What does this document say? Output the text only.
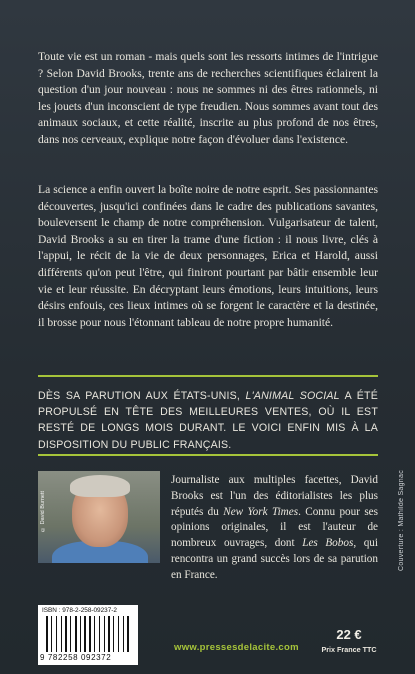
Toute vie est un roman - mais quels sont les ressorts intimes de l'intrigue ? Selon David Brooks, trente ans de recherches scientifiques éclairent la question d'un jour nouveau : nous ne sommes ni des êtres rationnels, ni les jouets d'un inconscient de type freudien. Nous sommes avant tout des animaux sociaux, et cette réalité, inscrite au plus profond de nos êtres, dans nos cerveaux, explique notre façon d'évoluer dans l'existence.

La science a enfin ouvert la boîte noire de notre esprit. Ses passionnantes découvertes, jusqu'ici confinées dans le cadre des publications savantes, bouleversent le champ de notre compréhension. Vulgarisateur de talent, David Brooks a su en tirer la trame d'une fiction : il nous livre, clés à l'appui, le récit de la vie de deux personnages, Erica et Harold, aussi différents qu'on peut l'être, qui finiront pourtant par bâtir ensemble leur vie et leur réussite. En décryptant leurs émotions, leurs intuitions, leurs désirs enfouis, ces lieux intimes où se forgent le caractère et la destinée, il brosse pour nous l'étonnant tableau de notre propre humanité.

DÈS SA PARUTION AUX ÉTATS-UNIS, L'ANIMAL SOCIAL A ÉTÉ PROPULSÉ EN TÊTE DES MEILLEURES VENTES, OÙ IL EST RESTÉ DE LONGS MOIS DURANT. LE VOICI ENFIN MIS À LA DISPOSITION DU PUBLIC FRANÇAIS.

© David Burnett

Journaliste aux multiples facettes, David Brooks est l'un des éditorialistes les plus réputés du New York Times. Connu pour ses opinions originales, il est l'auteur de nombreux ouvrages, dont Les Bobos, qui rencontra un grand succès lors de sa parution en France.

Couverture : Mathilde Sagnac
ISBN : 978-2-258-09237-2
9 782258 092372
www.pressesdelacite.com
22 €
Prix France TTC
